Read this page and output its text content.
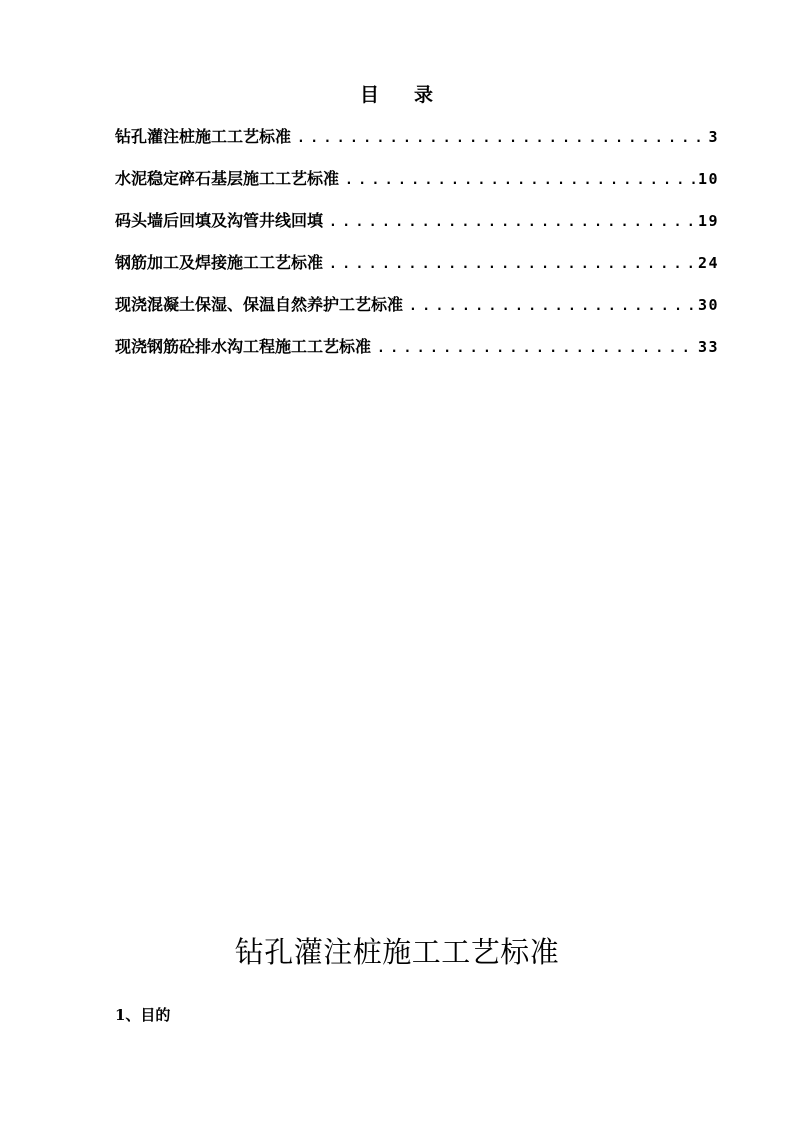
目 录
钻孔灌注桩施工工艺标准 . . .	3
水泥稳定碎石基层施工工艺标准 . . .	10
码头墙后回填及沟管井线回填 . . .	19
钢筋加工及焊接施工工艺标准 . . .	24
现浇混凝土保湿、保温自然养护工艺标准 . . .	30
现浇钢筋砼排水沟工程施工工艺标准 . . .	33
钻孔灌注桩施工工艺标准
1、目的
